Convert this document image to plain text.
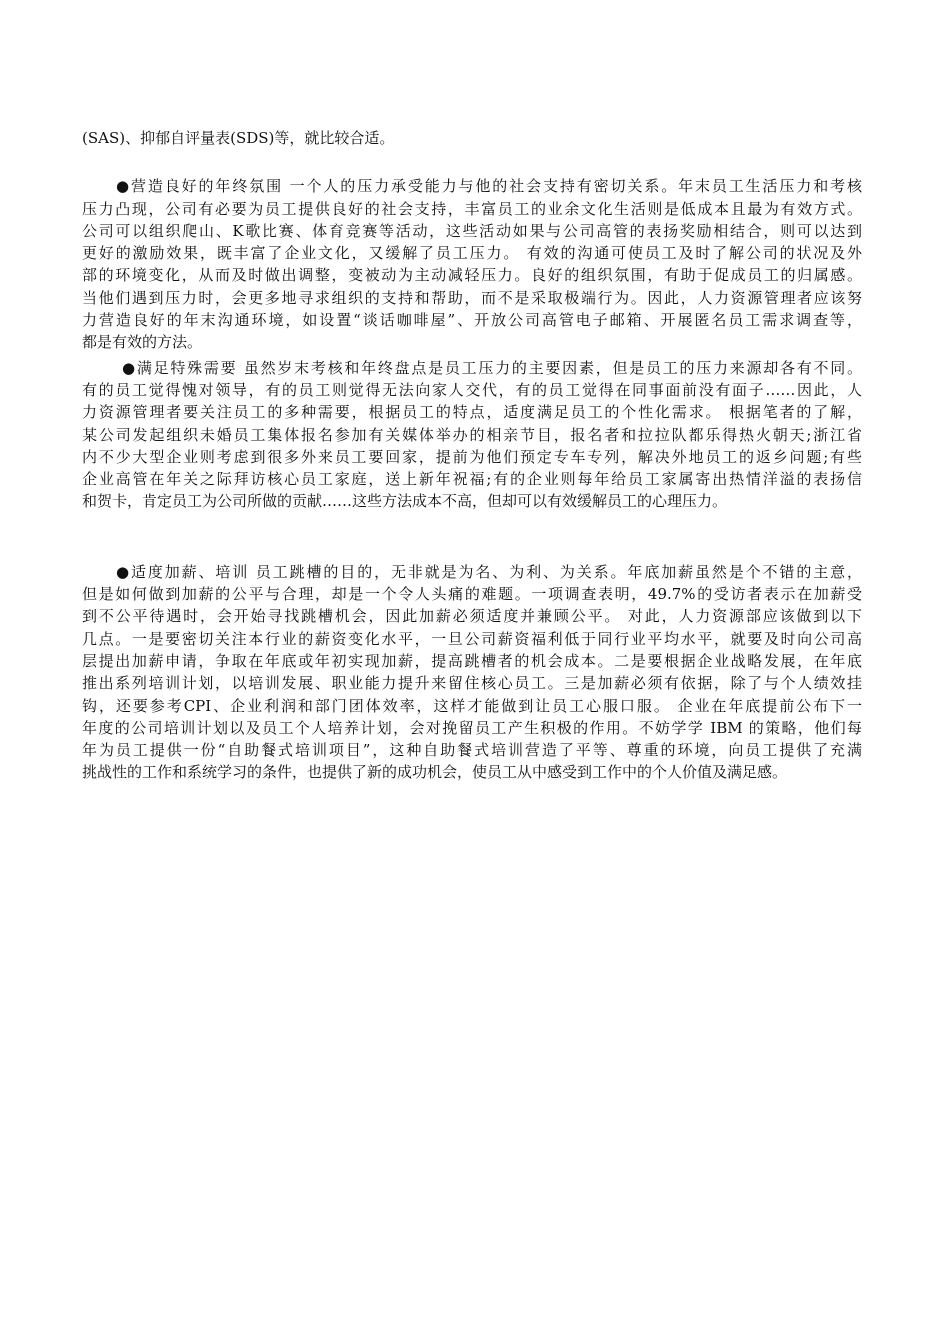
(SAS)、抑郁自评量表(SDS)等，就比较合适。
●营造良好的年终氛围 一个人的压力承受能力与他的社会支持有密切关系。年末员工生活压力和考核
压力凸现，公司有必要为员工提供良好的社会支持，丰富员工的业余文化生活则是低成本且最为有效方式。
公司可以组织爬山、K歌比赛、体育竞赛等活动，这些活动如果与公司高管的表扬奖励相结合，则可以达到
更好的激励效果，既丰富了企业文化，又缓解了员工压力。 有效的沟通可使员工及时了解公司的状况及外
部的环境变化，从而及时做出调整，变被动为主动减轻压力。良好的组织氛围，有助于促成员工的归属感。
当他们遇到压力时，会更多地寻求组织的支持和帮助，而不是采取极端行为。因此，人力资源管理者应该努
力营造良好的年末沟通环境，如设置“谈话咖啡屋”、开放公司高管电子邮箱、开展匿名员工需求调查等，
都是有效的方法。
●满足特殊需要 虽然岁末考核和年终盘点是员工压力的主要因素，但是员工的压力来源却各有不同。
有的员工觉得愧对领导，有的员工则觉得无法向家人交代，有的员工觉得在同事面前没有面子……因此，人
力资源管理者要关注员工的多种需要，根据员工的特点，适度满足员工的个性化需求。 根据笔者的了解，
某公司发起组织未婚员工集体报名参加有关媒体举办的相亲节目，报名者和拉拉队都乐得热火朝天;浙江省
内不少大型企业则考虑到很多外来员工要回家，提前为他们预定专车专列，解决外地员工的返乡问题;有些
企业高管在年关之际拜访核心员工家庭，送上新年祝福;有的企业则每年给员工家属寄出热情洋溢的表扬信
和贺卡，肯定员工为公司所做的贡献……这些方法成本不高，但却可以有效缓解员工的心理压力。
●适度加薪、培训 员工跳槽的目的，无非就是为名、为利、为关系。年底加薪虽然是个不错的主意，
但是如何做到加薪的公平与合理，却是一个令人头痛的难题。一项调查表明，49.7%的受访者表示在加薪受
到不公平待遇时，会开始寻找跳槽机会，因此加薪必须适度并兼顾公平。 对此，人力资源部应该做到以下
几点。一是要密切关注本行业的薪资变化水平，一旦公司薪资福利低于同行业平均水平，就要及时向公司高
层提出加薪申请，争取在年底或年初实现加薪，提高跳槽者的机会成本。二是要根据企业战略发展，在年底
推出系列培训计划，以培训发展、职业能力提升来留住核心员工。三是加薪必须有依据，除了与个人绩效挂
钩，还要参考CPI、企业利润和部门团体效率，这样才能做到让员工心服口服。 企业在年底提前公布下一
年度的公司培训计划以及员工个人培养计划，会对挽留员工产生积极的作用。不妨学学 IBM 的策略，他们每
年为员工提供一份“自助餐式培训项目”，这种自助餐式培训营造了平等、尊重的环境，向员工提供了充满
挑战性的工作和系统学习的条件，也提供了新的成功机会，使员工从中感受到工作中的个人价值及满足感。
